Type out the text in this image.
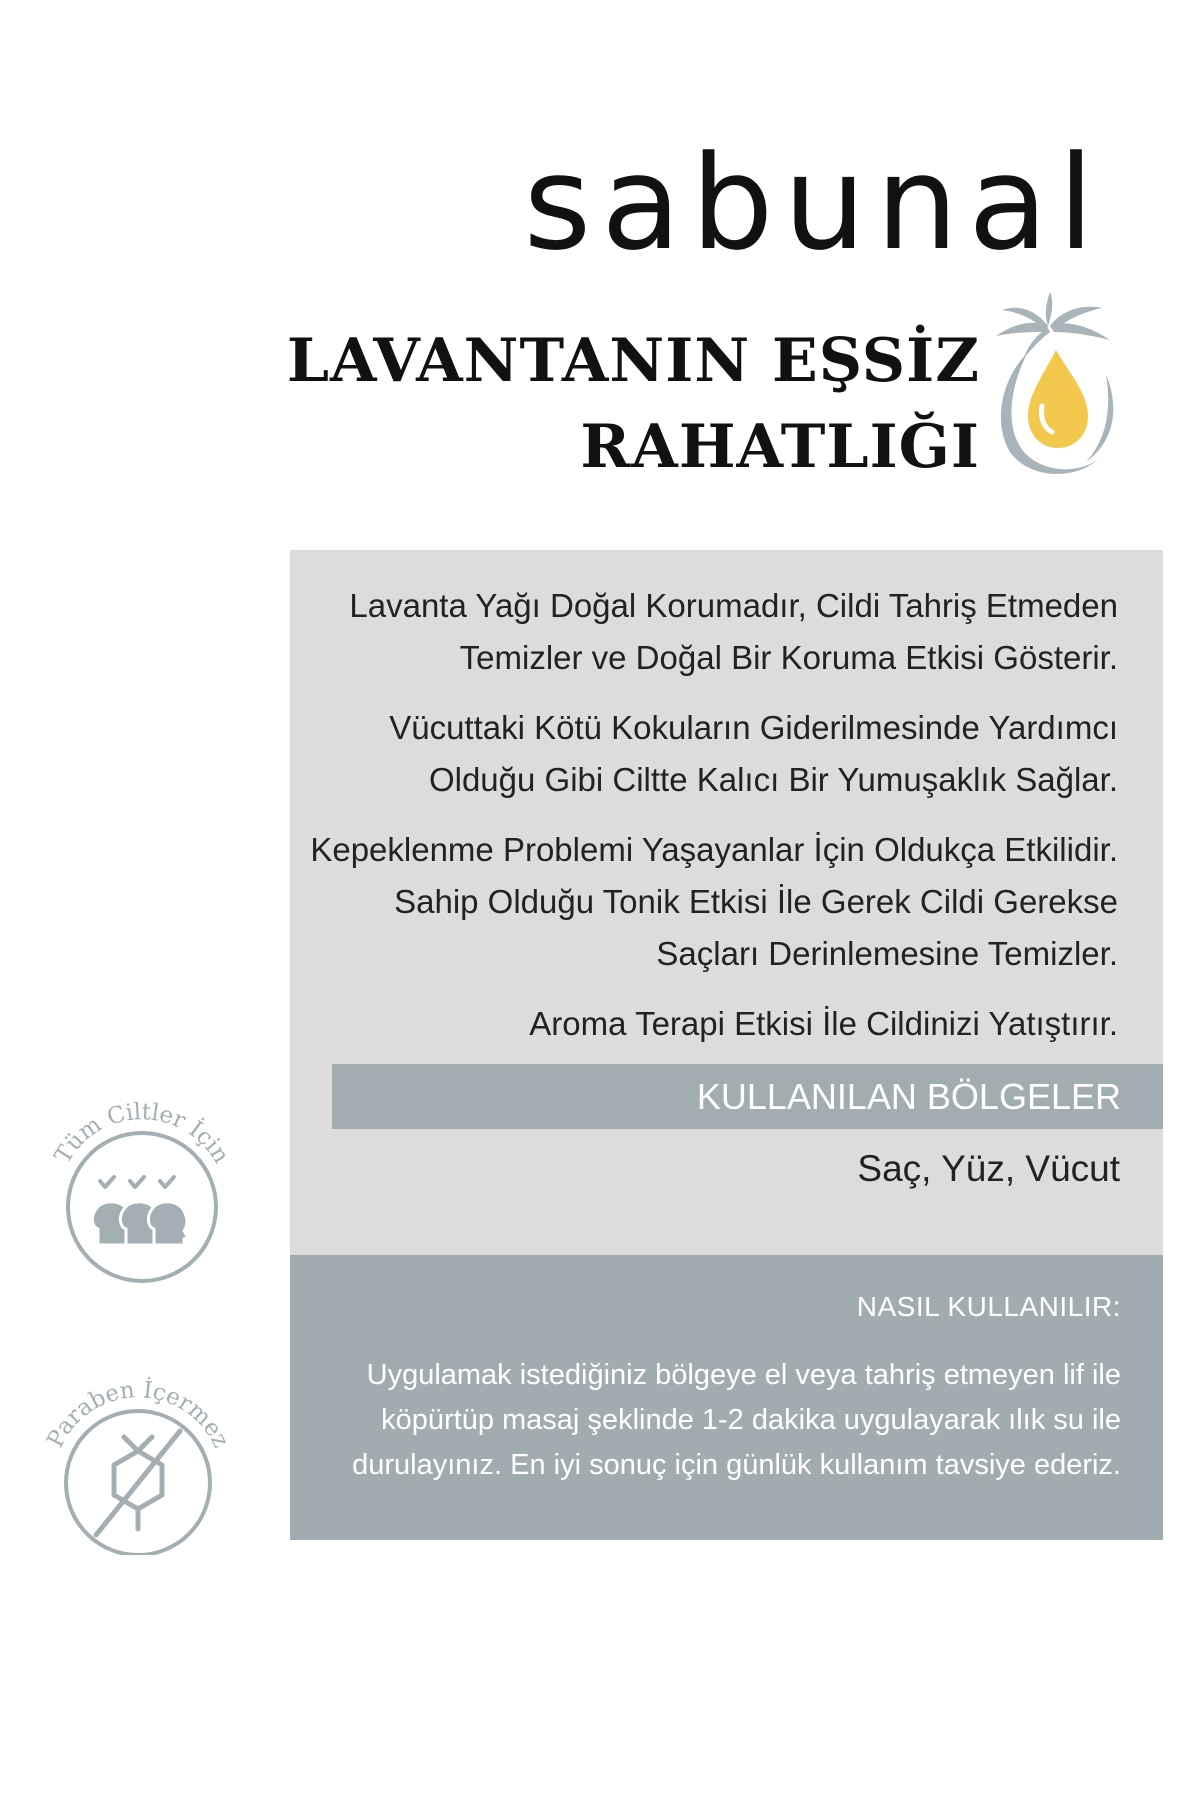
sabunal
LAVANTANIN EŞSİZ
RAHATLIĞI
Lavanta Yağı Doğal Korumadır, Cildi Tahriş Etmeden
Temizler ve Doğal Bir Koruma Etkisi Gösterir.
Vücuttaki Kötü Kokuların Giderilmesinde Yardımcı
Olduğu Gibi Ciltte Kalıcı Bir Yumuşaklık Sağlar.
Kepeklenme Problemi Yaşayanlar İçin Oldukça Etkilidir.
Sahip Olduğu Tonik Etkisi İle Gerek Cildi Gerekse
Saçları Derinlemesine Temizler.
Aroma Terapi Etkisi İle Cildinizi Yatıştırır.
KULLANILAN BÖLGELER
Saç, Yüz, Vücut
NASIL KULLANILIR:
Uygulamak istediğiniz bölgeye el veya tahriş etmeyen lif ile
köpürtüp masaj şeklinde 1-2 dakika uygulayarak ılık su ile
durulayınız. En iyi sonuç için günlük kullanım tavsiye ederiz.
Tüm Ciltler İçin
Paraben İçermez
